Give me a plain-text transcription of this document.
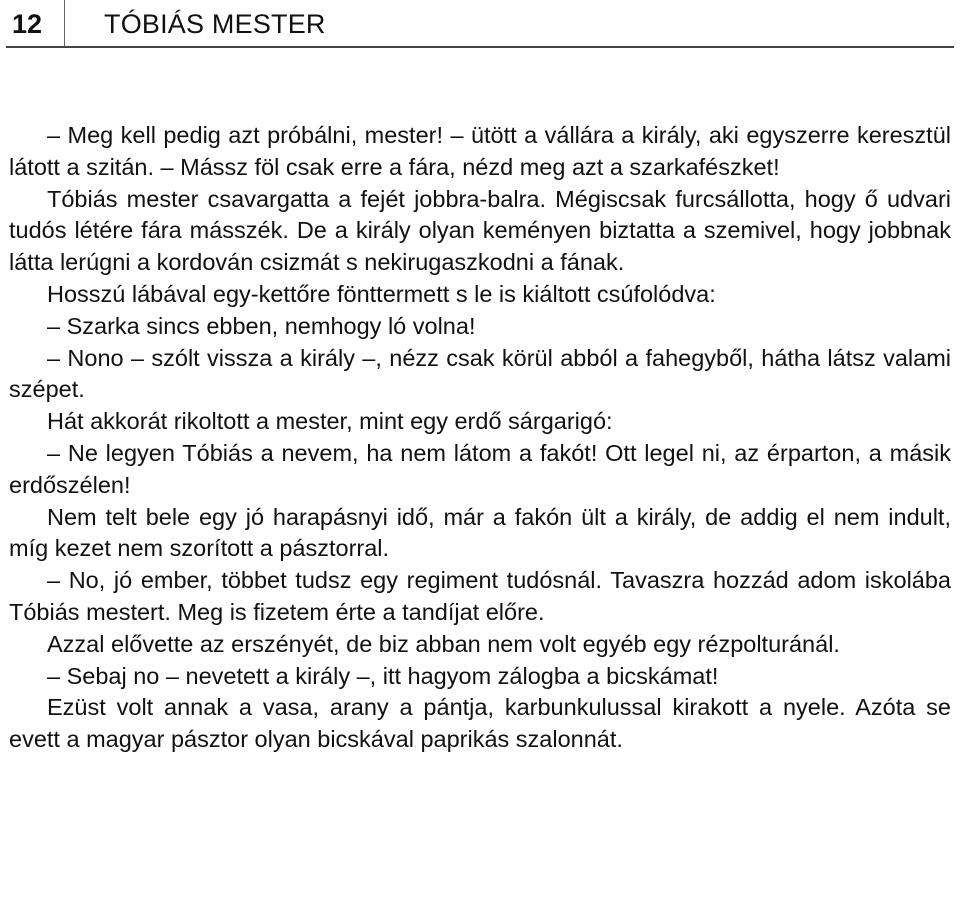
12 TÓBIÁS MESTER

– Meg kell pedig azt próbálni, mester! – ütött a vállára a király, aki egyszerre keresztül látott a szitán. – Mássz föl csak erre a fára, nézd meg azt a szarkafészket!

Tóbiás mester csavargatta a fejét jobbra-balra. Mégiscsak furcsállotta, hogy ő udvari tudós létére fára másszék. De a király olyan keményen biztatta a szemivel, hogy jobbnak látta lerúgni a kordován csizmát s nekirugaszkodni a fának.

Hosszú lábával egy-kettőre fönttermett s le is kiáltott csúfolódva:

– Szarka sincs ebben, nemhogy ló volna!

– Nono – szólt vissza a király –, nézz csak körül abból a fahegyből, hátha látsz valami szépet.

Hát akkorát rikoltott a mester, mint egy erdő sárgarigó:

– Ne legyen Tóbiás a nevem, ha nem látom a fakót! Ott legel ni, az érparton, a másik erdőszélen!

Nem telt bele egy jó harapásnyi idő, már a fakón ült a király, de addig el nem indult, míg kezet nem szorított a pásztorral.

– No, jó ember, többet tudsz egy regiment tudósnál. Tavaszra hozzád adom iskolába Tóbiás mestert. Meg is fizetem érte a tandíjat előre.

Azzal elővette az erszényét, de biz abban nem volt egyéb egy rézpolturánál.

– Sebaj no – nevetett a király –, itt hagyom zálogba a bicskámat!

Ezüst volt annak a vasa, arany a pántja, karbunkulussal kirakott a nyele. Azóta se evett a magyar pásztor olyan bicskával paprikás szalonnát.
